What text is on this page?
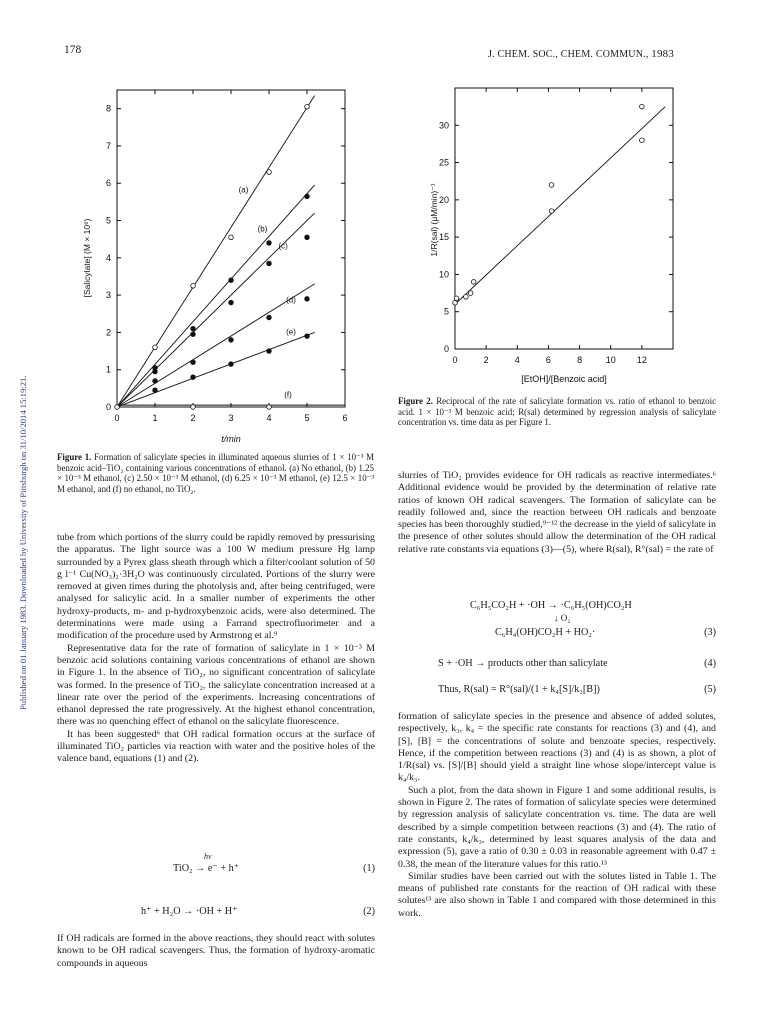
178	J. CHEM. SOC., CHEM. COMMUN., 1983
Published on 01 January 1983. Downloaded by University of Pittsburgh on 31/10/2014 15:19:21.	0	1	2	3	4	5	6
0
1
2
3
4
5
6
7
8
t/min
[Salicylate] (M × 10⁶)
(a)
(b)
(c)
(d)
(e)
(f)
0	2	4	6	8	10 12
0
5
10
15
20
25
30
[EtOH]/[Benzoic acid]
1/R(sal) (μM/min)⁻¹
Figure 1. Formation of salicylate species in illuminated aqueous slurries of 1 × 10⁻³ M benzoic acid–TiO₂ containing various concentrations of ethanol. (a) No ethanol, (b) 1.25 × 10⁻³ M ethanol, (c) 2.50 × 10⁻³ M ethanol, (d) 6.25 × 10⁻³ M ethanol, (e) 12.5 × 10⁻³ M ethanol, and (f) no ethanol, no TiO₂.
Figure 2. Reciprocal of the rate of salicylate formation vs. ratio of ethanol to benzoic acid. 1 × 10⁻³ M benzoic acid; R(sal) determined by regression analysis of salicylate concentration vs. time data as per Figure 1.

tube from which portions of the slurry could be rapidly removed by pressurising the apparatus. The light source was a 100 W medium pressure Hg lamp surrounded by a Pyrex glass sheath through which a filter/coolant solution of 50 g l⁻¹ Cu(NO₃)₂·3H₂O was continuously circulated. Portions of the slurry were removed at given times during the photolysis and, after being centrifuged, were analysed for salicylic acid. In a smaller number of experiments the other hydroxy-products, m- and p-hydroxybenzoic acids, were also determined. The determinations were made using a Farrand spectrofluorimeter and a modification of the procedure used by Armstrong et al.⁹

Representative data for the rate of formation of salicylate in 1 × 10⁻³ M benzoic acid solutions containing various concentrations of ethanol are shown in Figure 1. In the absence of TiO₂, no significant concentration of salicylate was formed. In the presence of TiO₂, the salicylate concentration increased at a linear rate over the period of the experiments. Increasing concentrations of ethanol depressed the rate progressively. At the highest ethanol concentration, there was no quenching effect of ethanol on the salicylate fluorescence.

It has been suggested⁶ that OH radical formation occurs at the surface of illuminated TiO₂ particles via reaction with water and the positive holes of the valence band, equations (1) and (2).

hν
TiO₂ → e⁻ + h⁺	(1)
h⁺ + H₂O → ·OH + H⁺	(2)

If OH radicals are formed in the above reactions, they should react with solutes known to be OH radical scavengers. Thus, the formation of hydroxy-aromatic compounds in aqueous

slurries of TiO₂ provides evidence for OH radicals as reactive intermediates.⁶ Additional evidence would be provided by the determination of relative rate ratios of known OH radical scavengers. The formation of salicylate can be readily followed and, since the reaction between OH radicals and benzoate species has been thoroughly studied,⁹⁻¹² the decrease in the yield of salicylate in the presence of other solutes should allow the determination of the OH radical relative rate constants via equations (3)—(5), where R(sal), R°(sal) = the rate of

C₆H₅CO₂H + ·OH → ·C₆H₅(OH)CO₂H
↓ O₂
C₆H₄(OH)CO₂H + HO₂·	(3)
S + ·OH → products other than salicylate	(4)
Thus, R(sal) = R°(sal)/(1 + k₄[S]/k₃[B])	(5)

formation of salicylate species in the presence and absence of added solutes, respectively, k₃, k₄ = the specific rate constants for reactions (3) and (4), and [S], [B] = the concentrations of solute and benzoate species, respectively. Hence, if the competition between reactions (3) and (4) is as shown, a plot of 1/R(sal) vs. [S]/[B] should yield a straight line whose slope/intercept value is k₄/k₃.

Such a plot, from the data shown in Figure 1 and some additional results, is shown in Figure 2. The rates of formation of salicylate species were determined by regression analysis of salicylate concentration vs. time. The data are well described by a simple competition between reactions (3) and (4). The ratio of rate constants, k₄/k₃, determined by least squares analysis of the data and expression (5), gave a ratio of 0.30 ± 0.03 in reasonable agreement with 0.47 ± 0.38, the mean of the literature values for this ratio.¹³

Similar studies have been carried out with the solutes listed in Table 1. The means of published rate constants for the reaction of OH radical with these solutes¹³ are also shown in Table 1 and compared with those determined in this work.
